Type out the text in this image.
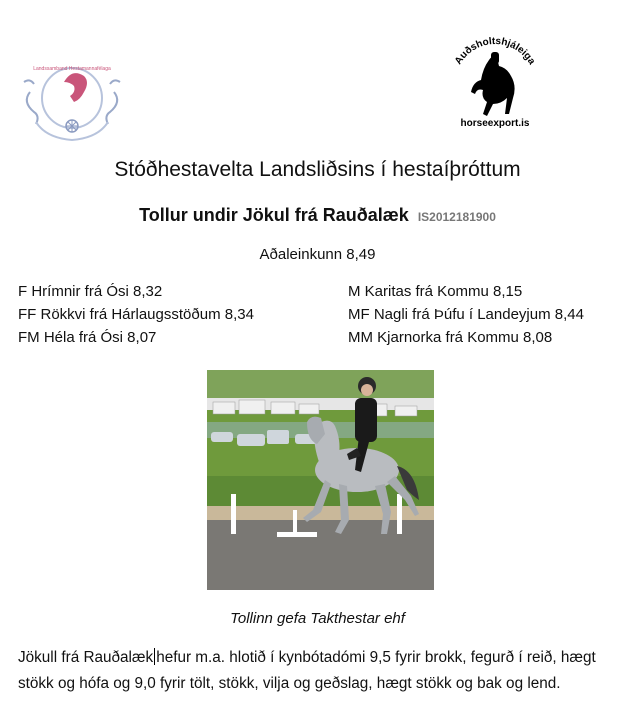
Landssamband Hestamannafélaga
Auðsholtshjáleiga
horseexport.is
Stóðhestavelta Landsliðsins í hestaíþróttum
Tollur undir Jökul frá Rauðalæk IS2012181900
Aðaleinkunn 8,49
F Hrímnir frá Ósi 8,32
FF Rökkvi frá Hárlaugsstöðum 8,34
FM Héla frá Ósi 8,07
M Karitas frá Kommu 8,15
MF Nagli frá Þúfu í Landeyjum 8,44
MM Kjarnorka frá Kommu 8,08
Tollinn gefa Takthestar ehf
Jökull frá Rauðalæk hefur m.a. hlotið í kynbótadómi 9,5 fyrir brokk, fegurð í reið, hægt stökk og hófa og 9,0 fyrir tölt, stökk, vilja og geðslag, hægt stökk og bak og lend.
